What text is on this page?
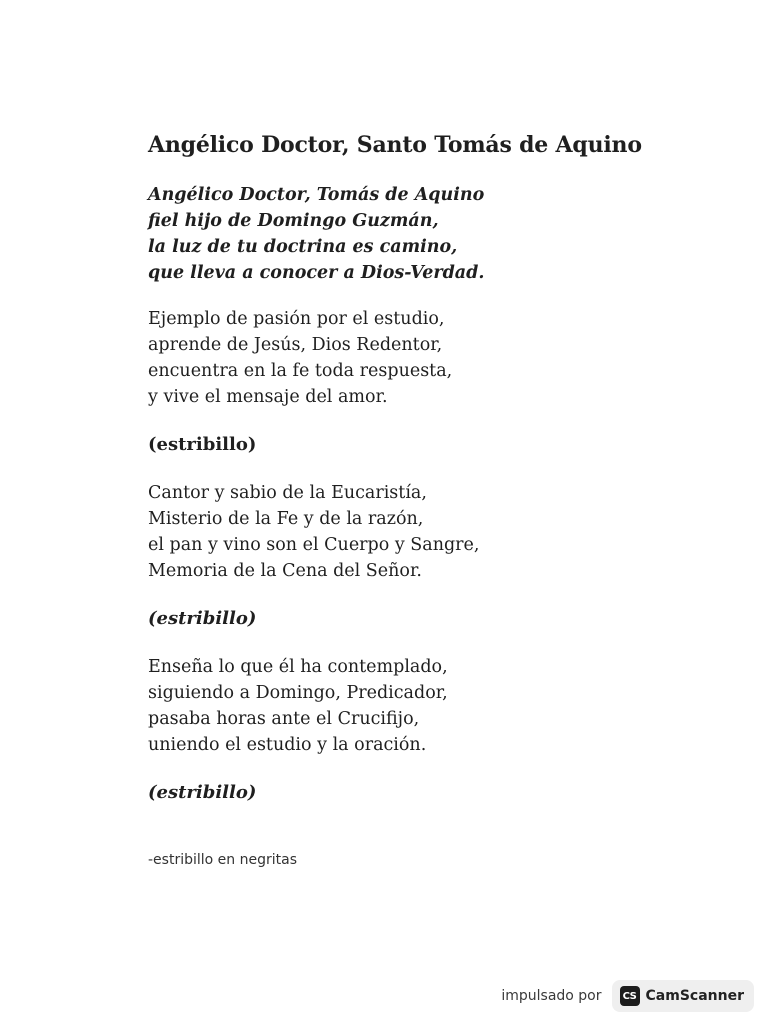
Angélico Doctor, Santo Tomás de Aquino

Angélico Doctor, Tomás de Aquino
fiel hijo de Domingo Guzmán,
la luz de tu doctrina es camino,
que lleva a conocer a Dios-Verdad.

Ejemplo de pasión por el estudio,
aprende de Jesús, Dios Redentor,
encuentra en la fe toda respuesta,
y vive el mensaje del amor.

(estribillo)

Cantor y sabio de la Eucaristía,
Misterio de la Fe y de la razón,
el pan y vino son el Cuerpo y Sangre,
Memoria de la Cena del Señor.

(estribillo)

Enseña lo que él ha contemplado,
siguiendo a Domingo, Predicador,
pasaba horas ante el Crucifijo,
uniendo el estudio y la oración.

(estribillo)

-estribillo en negritas

impulsado por	CS CamScanner
